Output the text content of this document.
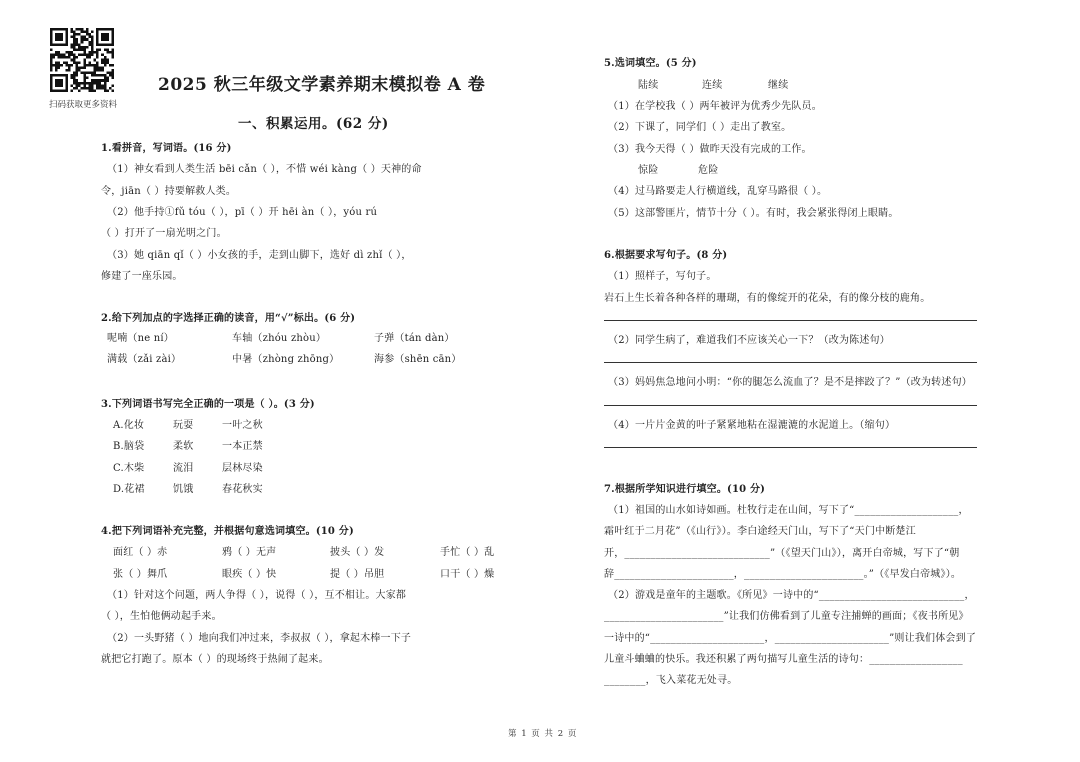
扫码获取更多资料
2025 秋三年级文学素养期末模拟卷 A 卷
一、积累运用。(62 分)
1.看拼音，写词语。(16 分)
（1）神女看到人类生活 bēi cǎn（ ），不惜 wéi kàng（ ）天神的命
令，jiān（ ）持要解救人类。
（2）他手持①fǔ tóu（ ），pī（ ）开 hēi àn（ ），yóu rú
（ ）打开了一扇光明之门。
（3）她 qiān qǐ（ ）小女孩的手，走到山脚下，选好 dì zhǐ（ ），
修建了一座乐园。
2.给下列加点的字选择正确的读音，用“√”标出。(6 分)
呢喃（ne ní）	车轴（zhóu zhòu）	子弹（tán dàn）
满载（zǎi zài）	中暑（zhòng zhōng）	海参（shēn cān）
3.下列词语书写完全正确的一项是（ ）。(3 分)
A.化妆	玩耍	一叶之秋
B.脑袋	柔软	一本正禁
C.木柴	流泪	层林尽染
D.花裙	饥饿	春花秋实
4.把下列词语补充完整，并根据句意选词填空。(10 分)
面红（ ）赤	鸦（ ）无声	披头（ ）发	手忙（ ）乱
张（ ）舞爪	眼疾（ ）快	提（ ）吊胆	口干（ ）燥
（1）针对这个问题，两人争得（ ），说得（ ），互不相让。大家都
（ ），生怕他俩动起手来。
（2）一头野猪（ ）地向我们冲过来，李叔叔（ ），拿起木棒一下子
就把它打跑了。原本（ ）的现场终于热闹了起来。
5.选词填空。(5 分)
陆续	连续	继续
（1）在学校我（ ）两年被评为优秀少先队员。
（2）下课了，同学们（ ）走出了教室。
（3）我今天得（ ）做昨天没有完成的工作。
惊险	危险
（4）过马路要走人行横道线，乱穿马路很（ ）。
（5）这部警匪片，情节十分（ ）。有时，我会紧张得闭上眼睛。
6.根据要求写句子。(8 分)
（1）照样子，写句子。
岩石上生长着各种各样的珊瑚，有的像绽开的花朵，有的像分枝的鹿角。
（2）同学生病了，难道我们不应该关心一下？（改为陈述句）
（3）妈妈焦急地问小明：“你的腿怎么流血了？是不是摔跤了？”（改为转述句）
（4）一片片金黄的叶子紧紧地粘在湿漉漉的水泥道上。（缩句）
7.根据所学知识进行填空。(10 分)
（1）祖国的山水如诗如画。杜牧行走在山间，写下了“____________________，
霜叶红于二月花”（《山行》）。李白途经天门山，写下了“天门中断楚江
开，____________________________”（《望天门山》），离开白帝城，写下了“朝
辞_______________________，_______________________。”（《早发白帝城》）。
（2）游戏是童年的主题歌。《所见》一诗中的“____________________________，
_______________________”让我们仿佛看到了儿童专注捕蝉的画面；《夜书所见》
一诗中的“______________________，______________________”则让我们体会到了
儿童斗蛐蛐的快乐。我还积累了两句描写儿童生活的诗句：__________________
________，飞入菜花无处寻。
第 1 页 共 2 页
